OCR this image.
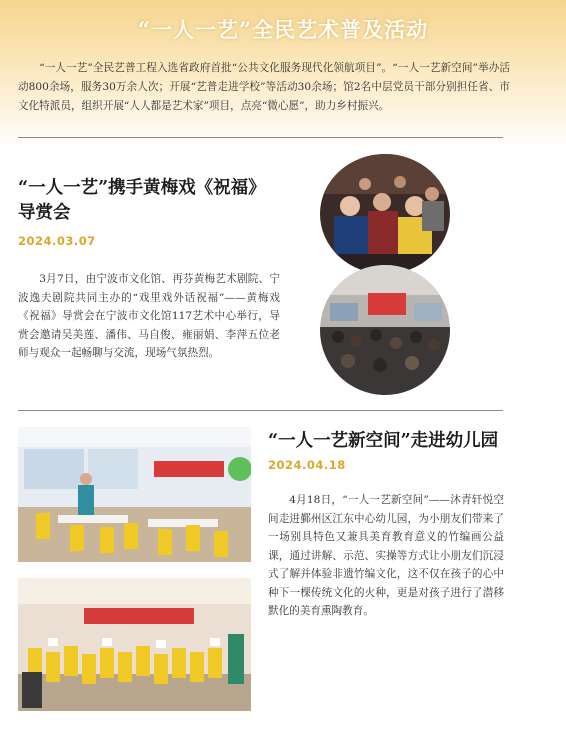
“一人一艺”全民艺术普及活动

“一人一艺”全民艺普工程入选省政府首批“公共文化服务现代化领航项目”。“一人一艺新空间”举办活动800余场，服务30万余人次；开展“艺普走进学校”等活动30余场；馆2名中层党员干部分别担任省、市文化特派员，组织开展“人人都是艺术家”项目，点亮“微心愿”，助力乡村振兴。

“一人一艺”携手黄梅戏《祝福》导赏会
2024.03.07

3月7日，由宁波市文化馆、再芬黄梅艺术剧院、宁波逸夫剧院共同主办的“戏里戏外话祝福”——黄梅戏《祝福》导赏会在宁波市文化馆117艺术中心举行，导赏会邀请吴美莲、潘伟、马自俊、雍丽娟、李萍五位老师与观众一起畅聊与交流，现场气氛热烈。

“一人一艺新空间”走进幼儿园
2024.04.18

4月18日，“一人一艺新空间”——沐青轩悦空间走进鄞州区江东中心幼儿园，为小朋友们带来了一场别具特色又兼具美育教育意义的竹编画公益课，通过讲解、示范、实操等方式让小朋友们沉浸式了解并体验非遗竹编文化，这不仅在孩子的心中种下一棵传统文化的火种，更是对孩子进行了潜移默化的美育熏陶教育。
